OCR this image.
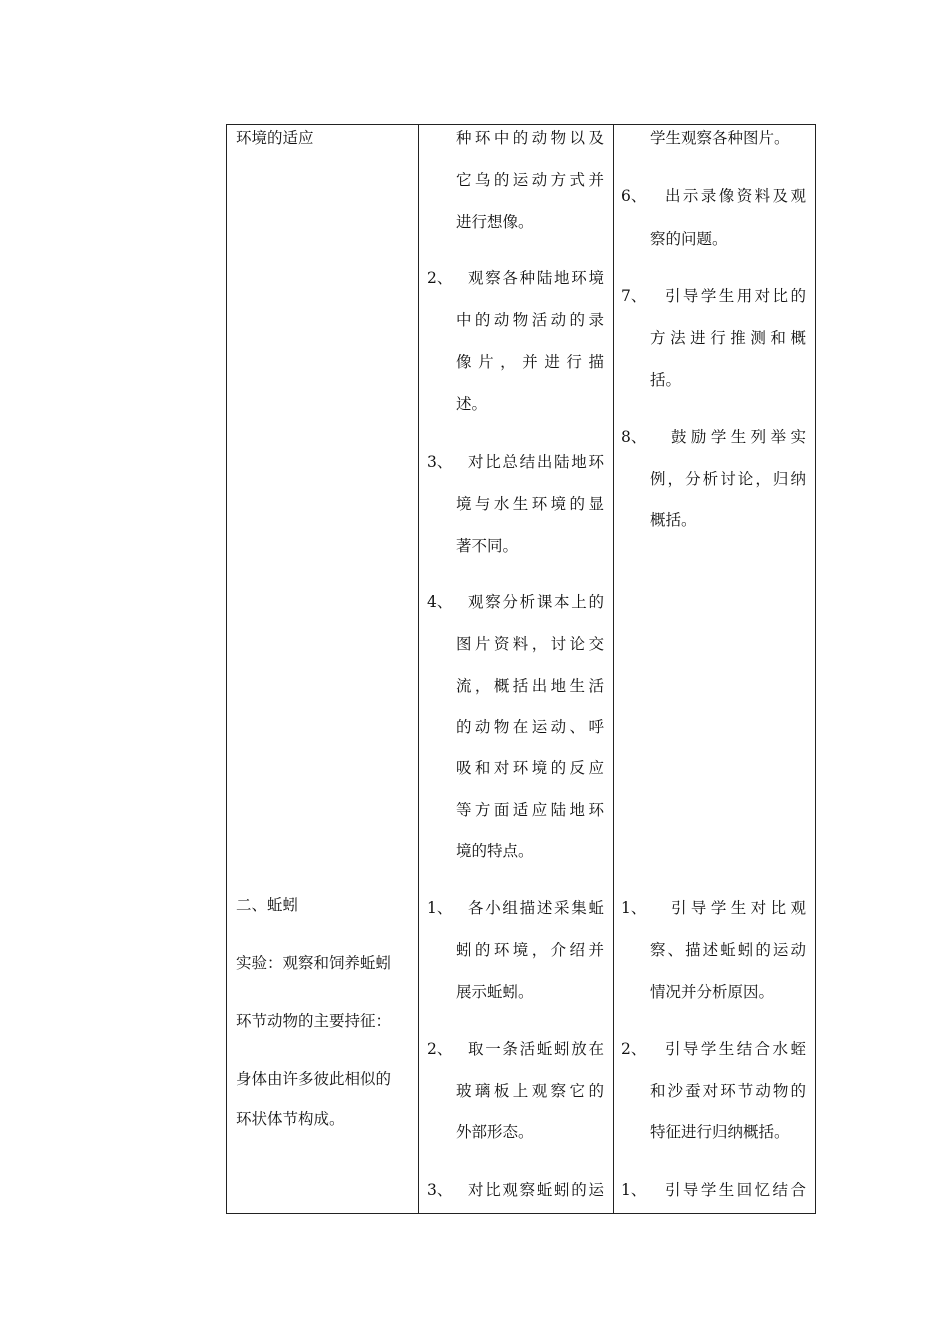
环境的适应
二、蚯蚓
实验：观察和饲养蚯蚓
环节动物的主要持征：
身体由许多彼此相似的
环状体节构成。
种环中的动物以及
它乌的运动方式并
进行想像。
2、 观察各种陆地环境
中的动物活动的录
像片，并进行描
述。
3、 对比总结出陆地环
境与水生环境的显
著不同。
4、 观察分析课本上的
图片资料，讨论交
流，概括出地生活
的动物在运动、呼
吸和对环境的反应
等方面适应陆地环
境的特点。
1、 各小组描述采集蚯
蚓的环境，介绍并
展示蚯蚓。
2、 取一条活蚯蚓放在
玻璃板上观察它的
外部形态。
3、 对比观察蚯蚓的运
学生观察各种图片。
6、 出示录像资料及观
察的问题。
7、 引导学生用对比的
方法进行推测和概
括。
8、 鼓励学生列举实
例，分析讨论，归纳
概括。
1、 引导学生对比观
察、描述蚯蚓的运动
情况并分析原因。
2、 引导学生结合水蛭
和沙蚕对环节动物的
特征进行归纳概括。
1、 引导学生回忆结合
